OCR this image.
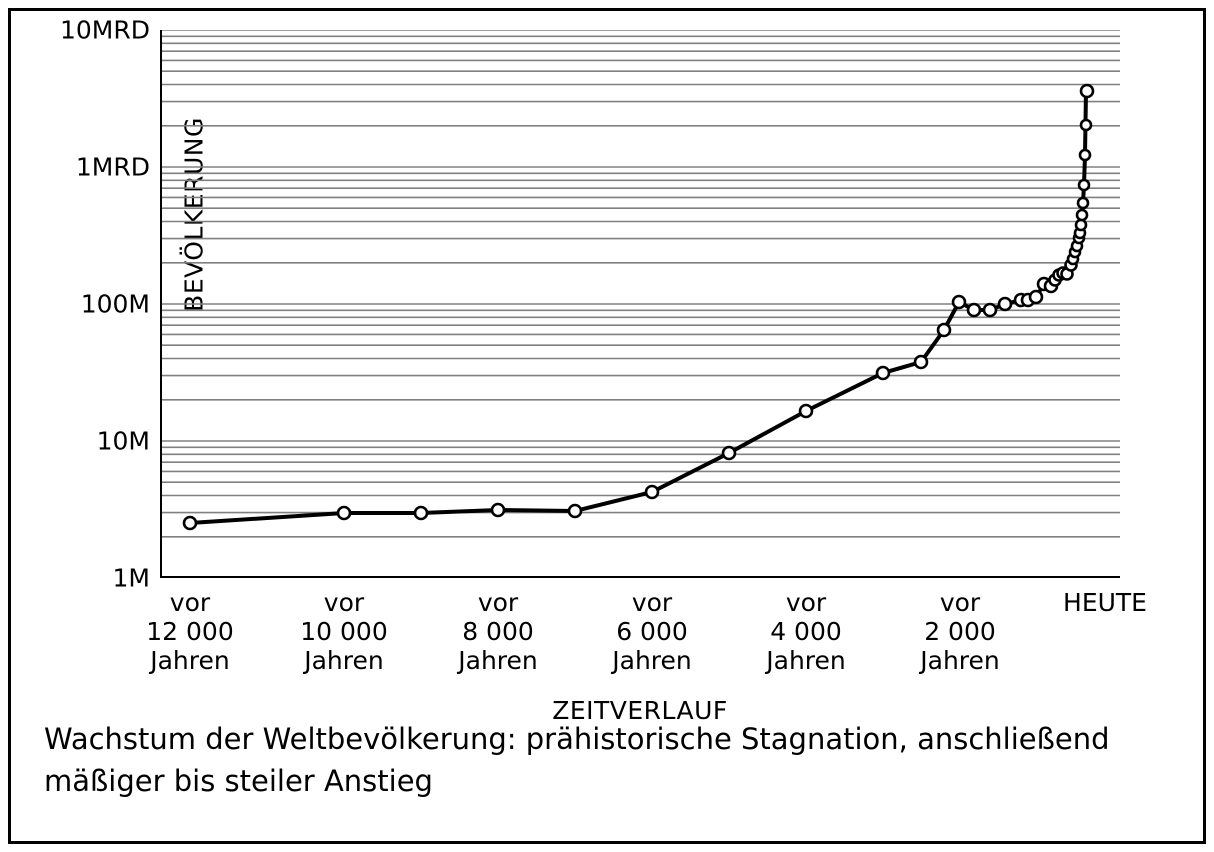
BEVÖLKERUNG
10MRD
1MRD
100M
10M
1M
vor
12 000
Jahren
vor
10 000
Jahren
vor
8 000
Jahren
vor
6 000
Jahren
vor
4 000
Jahren
vor
2 000
Jahren
HEUTE
ZEITVERLAUF
Wachstum der Weltbevölkerung: prähistorische Stagnation, anschließend
mäßiger bis steiler Anstieg
